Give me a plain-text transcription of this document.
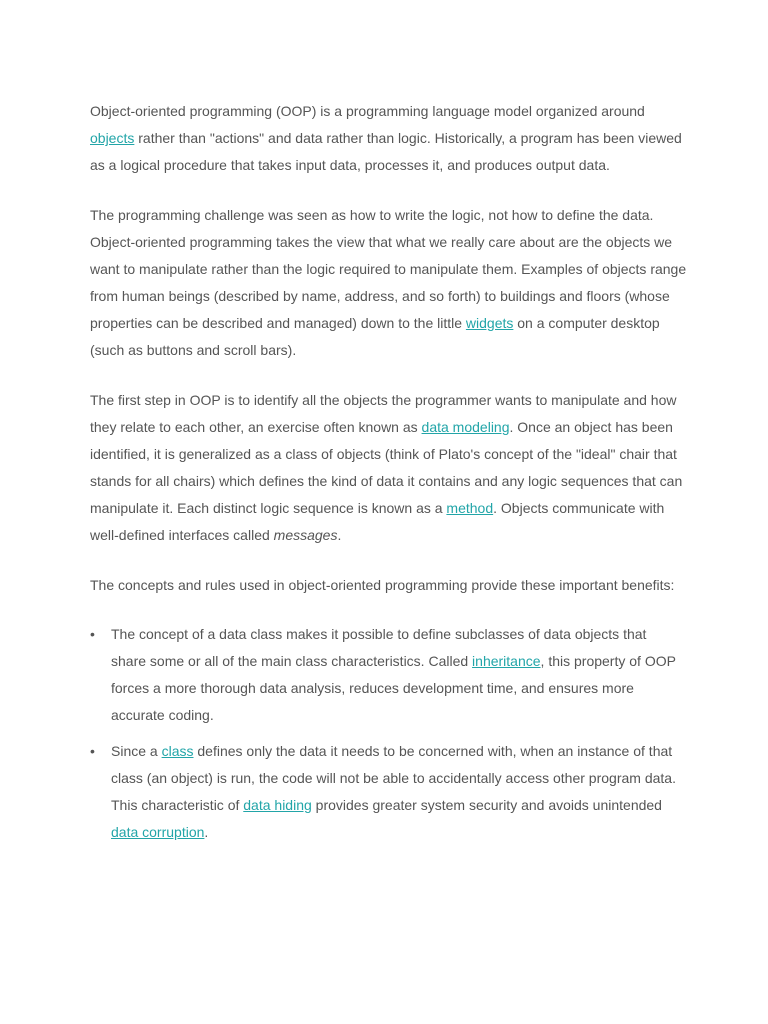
Object-oriented programming (OOP) is a programming language model organized around objects rather than "actions" and data rather than logic. Historically, a program has been viewed as a logical procedure that takes input data, processes it, and produces output data.

The programming challenge was seen as how to write the logic, not how to define the data. Object-oriented programming takes the view that what we really care about are the objects we want to manipulate rather than the logic required to manipulate them. Examples of objects range from human beings (described by name, address, and so forth) to buildings and floors (whose properties can be described and managed) down to the little widgets on a computer desktop (such as buttons and scroll bars).

The first step in OOP is to identify all the objects the programmer wants to manipulate and how they relate to each other, an exercise often known as data modeling. Once an object has been identified, it is generalized as a class of objects (think of Plato's concept of the "ideal" chair that stands for all chairs) which defines the kind of data it contains and any logic sequences that can manipulate it. Each distinct logic sequence is known as a method. Objects communicate with well-defined interfaces called messages.

The concepts and rules used in object-oriented programming provide these important benefits:

•	The concept of a data class makes it possible to define subclasses of data objects that share some or all of the main class characteristics. Called inheritance, this property of OOP forces a more thorough data analysis, reduces development time, and ensures more accurate coding.
•	Since a class defines only the data it needs to be concerned with, when an instance of that class (an object) is run, the code will not be able to accidentally access other program data. This characteristic of data hiding provides greater system security and avoids unintended data corruption.
